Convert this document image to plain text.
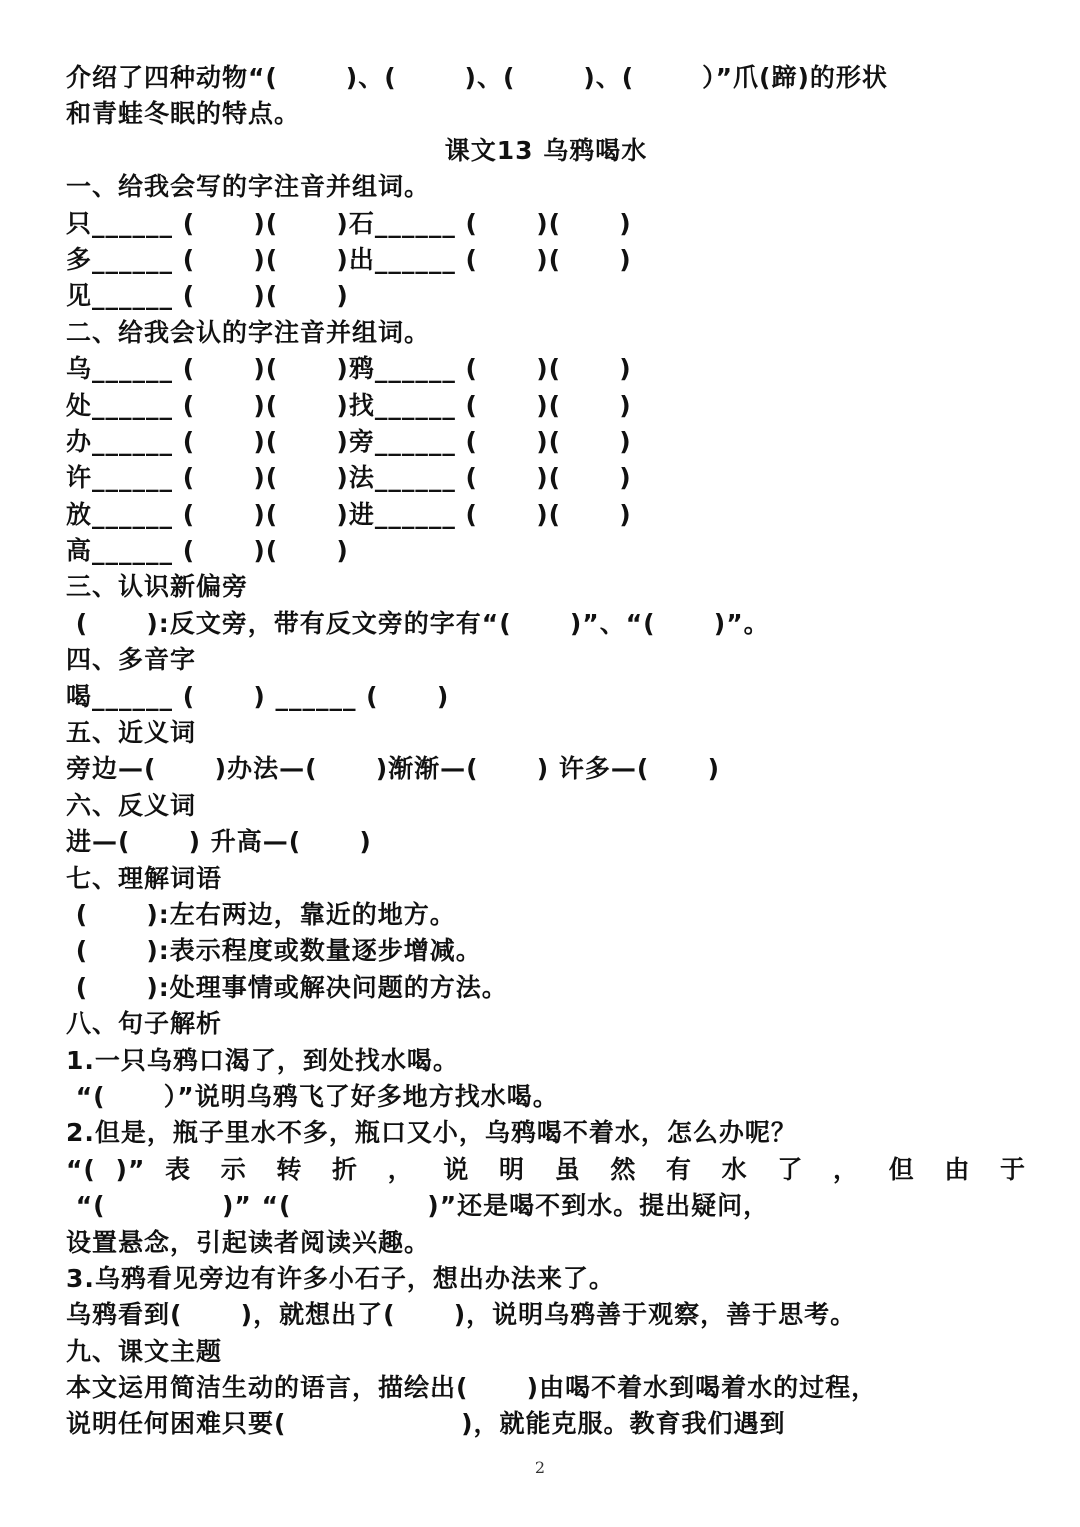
介绍了四种动物“(       )、(       )、(       )、(       ）”爪(蹄)的形状
和青蛙冬眠的特点。
课文13 乌鸦喝水
一、给我会写的字注音并组词。
只______ (      )(      )石______ (      )(      )
多______ (      )(      )出______ (      )(      )
见______ (      )(      )
二、给我会认的字注音并组词。
乌______ (      )(      )鸦______ (      )(      )
处______ (      )(      )找______ (      )(      )
办______ (      )(      )旁______ (      )(      )
许______ (      )(      )法______ (      )(      )
放______ (      )(      )进______ (      )(      )
高______ (      )(      )
三、认识新偏旁
(      ):反文旁，带有反文旁的字有“(      )”、“(      )”。
四、多音字
喝______ (      ) ______ (      )
五、近义词
旁边—(      )办法—(      )渐渐—(      ) 许多—(      )
六、反义词
进—(      ) 升高—(      )
七、理解词语
(      ):左右两边，靠近的地方。
(      ):表示程度或数量逐步增减。
(      ):处理事情或解决问题的方法。
八、句子解析
1.一只乌鸦口渴了，到处找水喝。
“(      ）”说明乌鸦飞了好多地方找水喝。
2.但是，瓶子里水不多，瓶口又小，乌鸦喝不着水，怎么办呢？
“( )” 表 示 转 折 ， 说 明 虽 然 有 水 了 ， 但 由 于
“(            )” “(              )”还是喝不到水。提出疑问，
设置悬念，引起读者阅读兴趣。
3.乌鸦看见旁边有许多小石子，想出办法来了。
乌鸦看到(      )，就想出了(      )，说明乌鸦善于观察，善于思考。
九、课文主题
本文运用简洁生动的语言，描绘出(      )由喝不着水到喝着水的过程，
说明任何困难只要(                  )，就能克服。教育我们遇到
2
